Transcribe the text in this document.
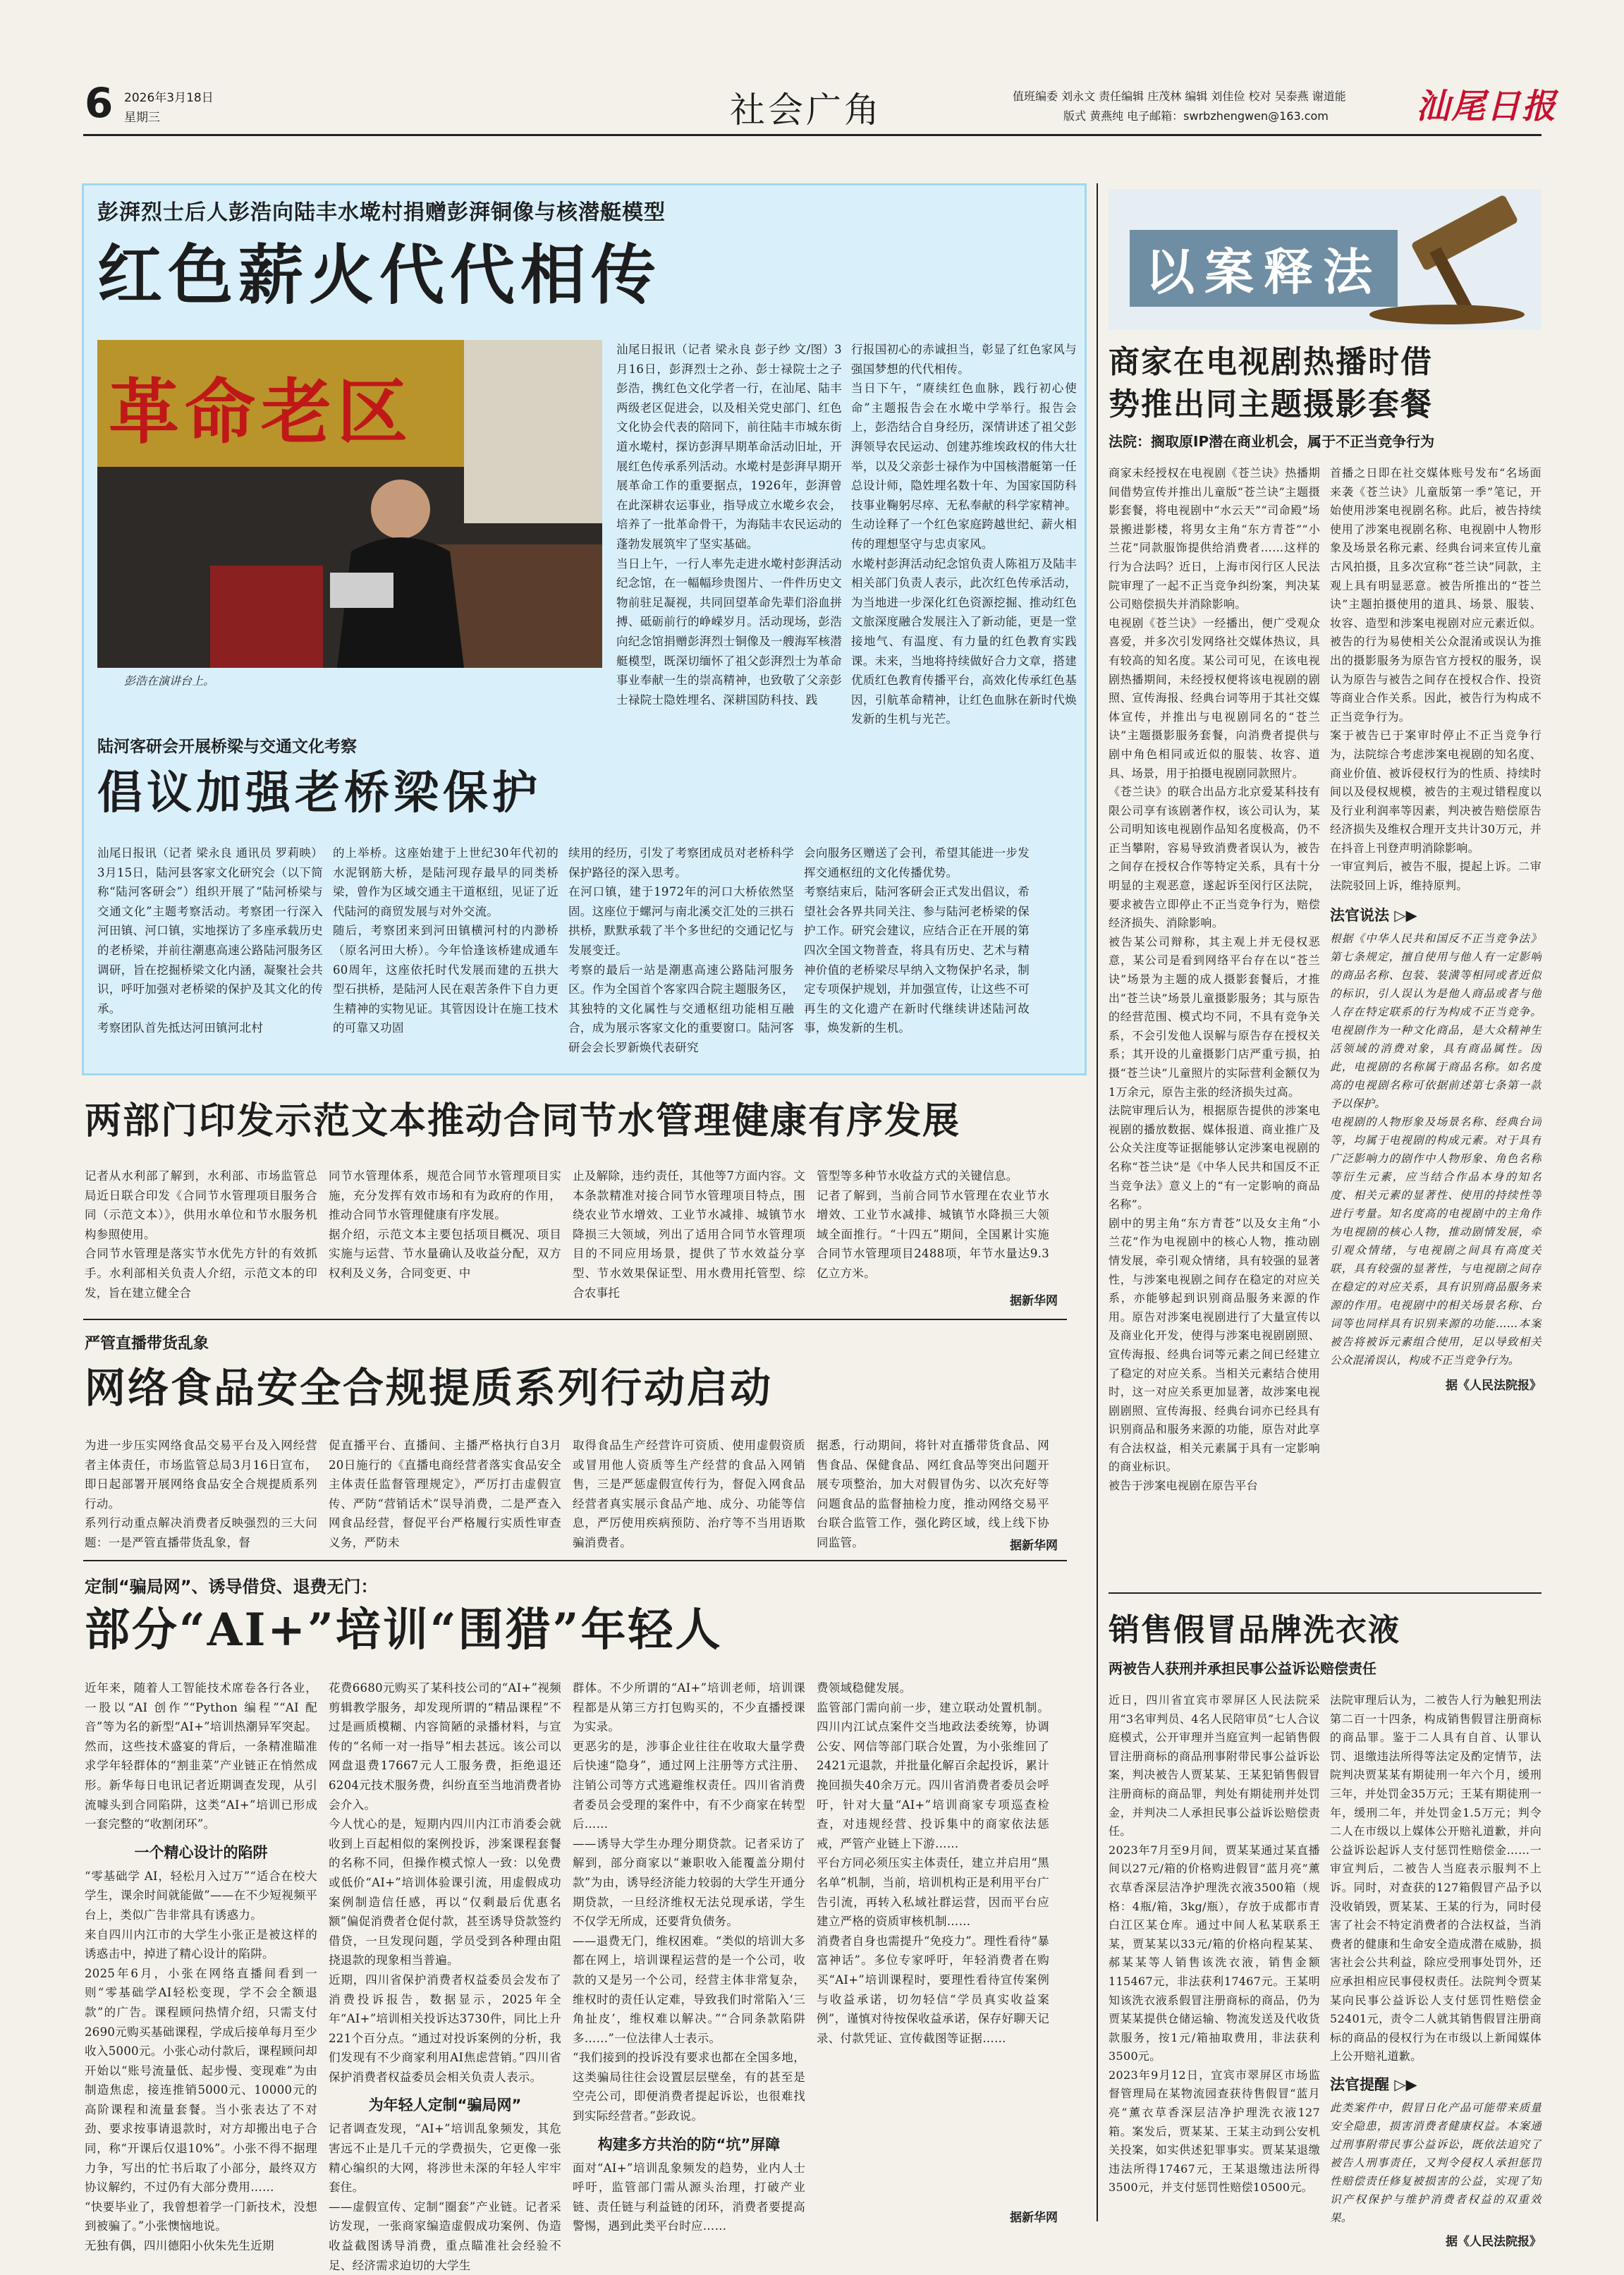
6 2026年3月18日
星期三	社会广角	值班编委 刘永文 责任编辑 庄茂林 编辑 刘佳俭 校对 吴泰燕 谢道能
版式 黄燕纯 电子邮箱：swrbzhengwen@163.com	汕尾日报
彭湃烈士后人彭浩向陆丰水墘村捐赠彭湃铜像与核潜艇模型
红色薪火代代相传
革命老区
彭浩在演讲台上。
汕尾日报讯（记者 梁永良 彭子纱 文/图）3月16日，彭湃烈士之孙、彭士禄院士之子彭浩，携红色文化学者一行，在汕尾、陆丰两级老区促进会，以及相关党史部门、红色文化协会代表的陪同下，前往陆丰市城东街道水墘村，探访彭湃早期革命活动旧址，开展红色传承系列活动。水墘村是彭湃早期开展革命工作的重要据点，1926年，彭湃曾在此深耕农运事业，指导成立水墘乡农会，培养了一批革命骨干，为海陆丰农民运动的蓬勃发展筑牢了坚实基础。
当日上午，一行人率先走进水墘村彭湃活动纪念馆，在一幅幅珍贵图片、一件件历史文物前驻足凝视，共同回望革命先辈们浴血拼搏、砥砺前行的峥嵘岁月。活动现场，彭浩向纪念馆捐赠彭湃烈士铜像及一艘海军核潜艇模型，既深切缅怀了祖父彭湃烈士为革命事业奉献一生的崇高精神，也致敬了父亲彭士禄院士隐姓埋名、深耕国防科技、践
行报国初心的赤诚担当，彰显了红色家风与强国梦想的代代相传。
当日下午，“赓续红色血脉，践行初心使命”主题报告会在水墘中学举行。报告会上，彭浩结合自身经历，深情讲述了祖父彭湃领导农民运动、创建苏维埃政权的伟大壮举，以及父亲彭士禄作为中国核潜艇第一任总设计师，隐姓埋名数十年、为国家国防科技事业鞠躬尽瘁、无私奉献的科学家精神。生动诠释了一个红色家庭跨越世纪、薪火相传的理想坚守与忠贞家风。
水墘村彭湃活动纪念馆负责人陈祖万及陆丰相关部门负责人表示，此次红色传承活动，为当地进一步深化红色资源挖掘、推动红色文旅深度融合发展注入了新动能，更是一堂接地气、有温度、有力量的红色教育实践课。未来，当地将持续做好合力文章，搭建优质红色教育传播平台，高效化传承红色基因，引航革命精神，让红色血脉在新时代焕发新的生机与光芒。
陆河客研会开展桥梁与交通文化考察
倡议加强老桥梁保护
汕尾日报讯（记者 梁永良 通讯员 罗莉映）3月15日，陆河县客家文化研究会（以下简称“陆河客研会”）组织开展了“陆河桥梁与交通文化”主题考察活动。考察团一行深入河田镇、河口镇，实地探访了多座承载历史的老桥梁，并前往潮惠高速公路陆河服务区调研，旨在挖掘桥梁文化内涵，凝聚社会共识，呼吁加强对老桥梁的保护及其文化的传承。
考察团队首先抵达河田镇河北村
的上举桥。这座始建于上世纪30年代初的水泥钢筋大桥，是陆河现存最早的同类桥梁，曾作为区域交通主干道枢纽，见证了近代陆河的商贸发展与对外交流。
随后，考察团来到河田镇横河村的内渺桥（原名河田大桥）。今年恰逢该桥建成通车60周年，这座依托时代发展而建的五拱大型石拱桥，是陆河人民在艰苦条件下自力更生精神的实物见证。其管因设计在施工技术的可靠又功固
续用的经历，引发了考察团成员对老桥科学保护路径的深入思考。
在河口镇，建于1972年的河口大桥依然坚固。这座位于螺河与南北溪交汇处的三拱石拱桥，默默承载了半个多世纪的交通记忆与发展变迁。
考察的最后一站是潮惠高速公路陆河服务区。作为全国首个客家四合院主题服务区，其独特的文化属性与交通枢纽功能相互融合，成为展示客家文化的重要窗口。陆河客研会会长罗新焕代表研究
会向服务区赠送了会刊，希望其能进一步发挥交通枢纽的文化传播优势。
考察结束后，陆河客研会正式发出倡议，希望社会各界共同关注、参与陆河老桥梁的保护工作。研究会建议，应结合正在开展的第四次全国文物普查，将具有历史、艺术与精神价值的老桥梁尽早纳入文物保护名录，制定专项保护规划，并加强宣传，让这些不可再生的文化遗产在新时代继续讲述陆河故事，焕发新的生机。
两部门印发示范文本推动合同节水管理健康有序发展
记者从水利部了解到，水利部、市场监管总局近日联合印发《合同节水管理项目服务合同（示范文本）》，供用水单位和节水服务机构参照使用。
合同节水管理是落实节水优先方针的有效抓手。水利部相关负责人介绍，示范文本的印发，旨在建立健全合
同节水管理体系，规范合同节水管理项目实施，充分发挥有效市场和有为政府的作用，推动合同节水管理健康有序发展。
据介绍，示范文本主要包括项目概况、项目实施与运营、节水量确认及收益分配，双方权利及义务，合同变更、中
止及解除，违约责任，其他等7方面内容。文本条款精准对接合同节水管理项目特点，围绕农业节水增效、工业节水减排、城镇节水降损三大领域，列出了适用合同节水管理项目的不同应用场景，提供了节水效益分享型、节水效果保证型、用水费用托管型、综合农事托
管型等多种节水收益方式的关键信息。
记者了解到，当前合同节水管理在农业节水增效、工业节水减排、城镇节水降损三大领域全面推行。“十四五”期间，全国累计实施合同节水管理项目2488项，年节水量达9.3亿立方米。
据新华网
严管直播带货乱象
网络食品安全合规提质系列行动启动
为进一步压实网络食品交易平台及入网经营者主体责任，市场监管总局3月16日宣布，即日起部署开展网络食品安全合规提质系列行动。
系列行动重点解决消费者反映强烈的三大问题：一是严管直播带货乱象，督
促直播平台、直播间、主播严格执行自3月20日施行的《直播电商经营者落实食品安全主体责任监督管理规定》，严厉打击虚假宣传、严防“营销话术”误导消费，二是严查入网食品经营，督促平台严格履行实质性审查义务，严防未
取得食品生产经营许可资质、使用虚假资质或冒用他人资质等生产经营的食品入网销售，三是严惩虚假宣传行为，督促入网食品经营者真实展示食品产地、成分、功能等信息，严厉使用疾病预防、治疗等不当用语欺骗消费者。
据悉，行动期间，将针对直播带货食品、网售食品、保健食品、网红食品等突出问题开展专项整治，加大对假冒伪劣、以次充好等问题食品的监督抽检力度，推动网络交易平台联合监管工作，强化跨区域，线上线下协同监管。	据新华网
定制“骗局网”、诱导借贷、退费无门：
部分“AI+”培训“围猎”年轻人
近年来，随着人工智能技术席卷各行各业，一股以“AI 创作”“Python 编程”“AI 配音”等为名的新型“AI+”培训热潮异军突起。然而，这些技术盛宴的背后，一条精准瞄准求学年轻群体的“割韭菜”产业链正在悄然成形。新华每日电讯记者近期调查发现，从引流噱头到合同陷阱，这类“AI+”培训已形成一套完整的“收割闭环”。
一个精心设计的陷阱
“零基础学 AI，轻松月入过万”“适合在校大学生，课余时间就能做”——在不少短视频平台上，类似广告非常具有诱惑力。
来自四川内江市的大学生小张正是被这样的诱惑击中，掉进了精心设计的陷阱。
2025年6月，小张在网络直播间看到一则“零基础学AI轻松变现，学不会全额退款”的广告。课程顾问热情介绍，只需支付2690元购买基础课程，学成后接单每月至少收入5000元。小张心动付款后，课程顾问却开始以“账号流量低、起步慢、变现难”为由制造焦虑，接连推销5000元、10000元的高阶课程和流量套餐。当小张表达了不对劲、要求按事请退款时，对方却搬出电子合同，称“开课后仅退10%”。小张不得不据理力争，写出的忙书后取了小部分，最终双方协议解约，不过仍有大部分费用……
“快要毕业了，我曾想着学一门新技术，没想到被骗了。”小张懊恼地说。
无独有偶，四川德阳小伙朱先生近期
花费6680元购买了某科技公司的“AI+”视频剪辑教学服务，却发现所谓的“精品课程”不过是画质模糊、内容简陋的录播材料，与宣传的“名师一对一指导”相去甚远。该公司以网盘退费17667元人工服务费，拒绝退还6204元技术服务费，纠纷直至当地消费者协会介入。
今人忧心的是，短期内四川内江市消委会就收到上百起相似的案例投诉，涉案课程套餐的名称不同，但操作模式惊人一致：以免费或低价“AI+”培训体验课引流，用虚假成功案例制造信任感，再以“仅剩最后优惠名额”偏促消费者仓促付款，甚至诱导贷款签约借贷，一旦发现问题，学员受到各种理由阻挠退款的现象相当普遍。
近期，四川省保护消费者权益委员会发布了消费投诉报告，数据显示，2025年全年“AI+”培训相关投诉达3730件，同比上升221个百分点。“通过对投诉案例的分析，我们发现有不少商家利用AI焦虑营销。”四川省保护消费者权益委员会相关负责人表示。
为年轻人定制“骗局网”
记者调查发现，“AI+”培训乱象频发，其危害远不止是几千元的学费损失，它更像一张精心编织的大网，将涉世未深的年轻人牢牢套住。
——虚假宣传、定制“圈套”产业链。记者采访发现，一张商家编造虚假成功案例、伪造收益截图诱导消费，重点瞄准社会经验不足、经济需求迫切的大学生
群体。不少所谓的“AI+”培训老师，培训课程都是从第三方打包购买的，不少直播授课为实录。
更恶劣的是，涉事企业往往在收取大量学费后快速“隐身”，通过网上注册等方式注册、注销公司等方式逃避维权责任。四川省消费者委员会受理的案件中，有不少商家在转型后……
——诱导大学生办理分期贷款。记者采访了解到，部分商家以“兼职收入能覆盖分期付款”为由，诱导经济能力较弱的大学生开通分期贷款，一旦经济维权无法兑现承诺，学生不仅学无所成，还要背负债务。
——退费无门，维权困难。“类似的培训大多都在网上，培训课程运营的是一个公司，收款的又是另一个公司，经营主体非常复杂，维权时的责任认定难，导致我们时常陷入‘三角扯皮’，维权难以解决。”“合同条款陷阱多……”一位法律人士表示。
“我们接到的投诉没有要求也都在全国多地，这类骗局往往会设置层层壁垒，有的甚至是空壳公司，即便消费者提起诉讼，也很难找到实际经营者。”彭政说。
构建多方共治的防“坑”屏障
面对“AI+”培训乱象频发的趋势，业内人士呼吁，监管部门需从源头治理，打破产业链、责任链与利益链的闭环，消费者要提高警惕，遇到此类平台时应……
费领域稳健发展。
监管部门需向前一步，建立联动处置机制。四川内江试点案件交当地政法委统筹，协调公安、网信等部门联合处置，为小张维回了2421元退款，并批量化解百余起投诉，累计挽回损失40余万元。四川省消费者委员会呼吁，针对大量“AI+”培训商家专项巡查检查，对违规经营、投诉集中的商家依法惩戒，严管产业链上下游……
平台方同必须压实主体责任，建立并启用“黑名单”机制，当前，培训机构正是利用平台广告引流，再转入私域社群运营，因而平台应建立严格的资质审核机制……
消费者自身也需提升“免疫力”。理性看待“暴富神话”。多位专家呼吁，年轻消费者在购买“AI+”培训课程时，要理性看待宣传案例与收益承诺，切勿轻信“学员真实收益案例”，谨慎对待按保收益承诺，保存好聊天记录、付款凭证、宣传截图等证据……
据新华网
以案释法
商家在电视剧热播时借势推出同主题摄影套餐
法院：搁取原IP潜在商业机会，属于不正当竞争行为
商家未经授权在电视剧《苍兰诀》热播期间借势宣传并推出儿童版“苍兰诀”主题摄影套餐，将电视剧中“水云天”“司命殿”场景搬进影楼，将男女主角“东方青苍”“小兰花”同款服饰提供给消费者……这样的行为合法吗？近日，上海市闵行区人民法院审理了一起不正当竞争纠纷案，判决某公司赔偿损失并消除影响。
电视剧《苍兰诀》一经播出，便广受观众喜爱，并多次引发网络社交媒体热议，具有较高的知名度。某公司可见，在该电视剧热播期间，未经授权便将该电视剧的剧照、宣传海报、经典台词等用于其社交媒体宣传，并推出与电视剧同名的“苍兰诀”主题摄影服务套餐，向消费者提供与剧中角色相同或近似的服装、妆容、道具、场景，用于拍摄电视剧同款照片。
《苍兰诀》的联合出品方北京爱某科技有限公司享有该剧著作权，该公司认为，某公司明知该电视剧作品知名度极高，仍不正当攀附，容易导致消费者误认为，被告之间存在授权合作等特定关系，具有十分明显的主观恶意，遂起诉至闵行区法院，要求被告立即停止不正当竞争行为，赔偿经济损失、消除影响。
被告某公司辩称，其主观上并无侵权恶意，某公司是看到网络平台存在以“苍兰诀”场景为主题的成人摄影套餐后，才推出“苍兰诀”场景儿童摄影服务；其与原告的经营范围、模式均不同，不具有竞争关系，不会引发他人误解与原告存在授权关系；其开设的儿童摄影门店严重亏损，拍摄“苍兰诀”儿童照片的实际营利金额仅为1万余元，原告主张的经济损失过高。
法院审理后认为，根据原告提供的涉案电视剧的播放数据、媒体报道、商业推广及公众关注度等证据能够认定涉案电视剧的名称“苍兰诀”是《中华人民共和国反不正当竞争法》意义上的“有一定影响的商品名称”。
剧中的男主角“东方青苍”以及女主角“小兰花”作为电视剧中的核心人物，推动剧情发展，牵引观众情绪，具有较强的显著性，与涉案电视剧之间存在稳定的对应关系，亦能够起到识别商品服务来源的作用。原告对涉案电视剧进行了大量宣传以及商业化开发，使得与涉案电视剧剧照、宣传海报、经典台词等元素之间已经建立了稳定的对应关系。当相关元素结合使用时，这一对应关系更加显著，故涉案电视剧剧照、宣传海报、经典台词亦已经具有识别商品和服务来源的功能，原告对此享有合法权益，相关元素属于具有一定影响的商业标识。
被告于涉案电视剧在原告平台
首播之日即在社交媒体账号发布“名场面来袭《苍兰诀》儿童版第一季”笔记，开始使用涉案电视剧名称。此后，被告持续使用了涉案电视剧名称、电视剧中人物形象及场景名称元素、经典台词来宣传儿童古风拍摄，且多次宣称“苍兰诀”同款，主观上具有明显恶意。被告所推出的“苍兰诀”主题拍摄使用的道具、场景、服装、妆容、造型和涉案电视剧对应元素近似。被告的行为易使相关公众混淆或误认为推出的摄影服务为原告官方授权的服务，误认为原告与被告之间存在授权合作、投资等商业合作关系。因此，被告行为构成不正当竞争行为。
案于被告已于案审时停止不正当竞争行为，法院综合考虑涉案电视剧的知名度、商业价值、被诉侵权行为的性质、持续时间以及侵权规模，被告的主观过错程度以及行业利润率等因素，判决被告赔偿原告经济损失及维权合理开支共计30万元，并在抖音上刊登声明消除影响。
一审宣判后，被告不服，提起上诉。二审法院驳回上诉，维持原判。
法官说法 ▷▶
根据《中华人民共和国反不正当竞争法》第七条规定，擅自使用与他人有一定影响的商品名称、包装、装潢等相同或者近似的标识，引人误认为是他人商品或者与他人存在特定联系的行为构成不正当竞争。电视剧作为一种文化商品，是大众精神生活领域的消费对象，具有商品属性。因此，电视剧的名称属于商品名称。如名度高的电视剧名称可依据前述第七条第一款予以保护。
电视剧的人物形象及场景名称、经典台词等，均属于电视剧的构成元素。对于具有广泛影响力的剧作中人物形象、角色名称等衍生元素，应当结合作品本身的知名度、相关元素的显著性、使用的持续性等进行考量。知名度高的电视剧中的主角作为电视剧的核心人物，推动剧情发展，牵引观众情绪，与电视剧之间具有高度关联，具有较强的显著性，与电视剧之间存在稳定的对应关系，具有识别商品服务来源的作用。电视剧中的相关场景名称、台词等也同样具有识别来源的功能……本案被告将被诉元素组合使用，足以导致相关公众混淆误认，构成不正当竞争行为。
据《人民法院报》
销售假冒品牌洗衣液
两被告人获刑并承担民事公益诉讼赔偿责任
近日，四川省宜宾市翠屏区人民法院采用“3名审判员、4名人民陪审员”七人合议庭模式，公开审理并当庭宣判一起销售假冒注册商标的商品刑事附带民事公益诉讼案，判决被告人贾某某、王某犯销售假冒注册商标的商品罪，判处有期徒刑并处罚金，并判决二人承担民事公益诉讼赔偿责任。
2023年7月至9月间，贾某某通过某直播间以27元/箱的价格购进假冒“蓝月亮”薰衣草香深层洁净护理洗衣液3500箱（规格：4瓶/箱，3kg/瓶），存放于成都市青白江区某仓库。通过中间人私某联系王某，贾某某以33元/箱的价格向程某某、郝某某等人销售该洗衣液，销售金额115467元，非法获利17467元。王某明知该洗衣液系假冒注册商标的商品，仍为贾某某提供仓储运输、物流发送及代收货款服务，按1元/箱抽取费用，非法获利3500元。
2023年9月12日，宜宾市翠屏区市场监督管理局在某物流园查获待售假冒“蓝月亮”薰衣草香深层洁净护理洗衣液127箱。案发后，贾某某、王某主动到公安机关投案，如实供述犯罪事实。贾某某退缴违法所得17467元，王某退缴违法所得3500元，并支付惩罚性赔偿10500元。
法院审理后认为，二被告人行为触犯刑法第二百一十四条，构成销售假冒注册商标的商品罪。鉴于二人具有自首、认罪认罚、退缴违法所得等法定及酌定情节，法院判决贾某某有期徒刑一年六个月，缓刑三年，并处罚金35万元；王某有期徒刑一年，缓刑二年，并处罚金1.5万元；判令二人在市级以上媒体公开赔礼道歉，并向公益诉讼起诉人支付惩罚性赔偿金……一审宣判后，二被告人当庭表示服判不上诉。同时，对查获的127箱假冒产品予以没收销毁，贾某某、王某的行为，同时侵害了社会不特定消费者的合法权益，当消费者的健康和生命安全造成潜在威胁，损害社会公共利益，除应受刑事处罚外，还应承担相应民事侵权责任。法院判令贾某某向民事公益诉讼人支付惩罚性赔偿金52401元，责令二人就其销售假冒注册商标的商品的侵权行为在市级以上新闻媒体上公开赔礼道歉。
法官提醒 ▷▶
此类案件中，假冒日化产品可能带来质量安全隐患，损害消费者健康权益。本案通过刑事附带民事公益诉讼，既依法追究了被告人刑事责任，又判令侵权人承担惩罚性赔偿责任修复被损害的公益，实现了知识产权保护与维护消费者权益的双重效果。
据《人民法院报》
